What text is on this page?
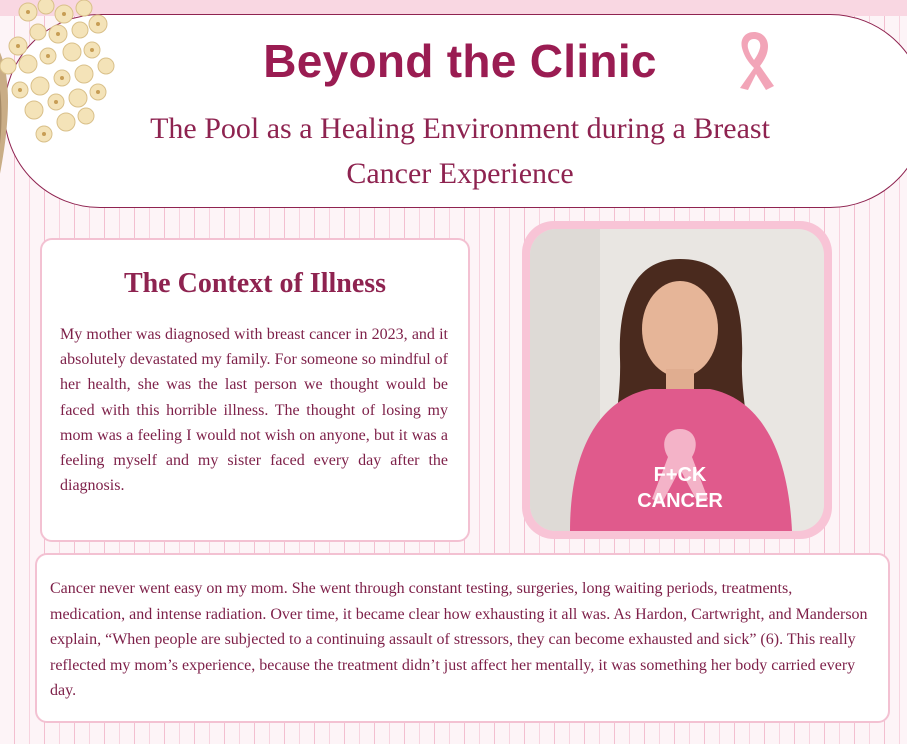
Beyond the Clinic

The Pool as a Healing Environment during a Breast Cancer Experience

The Context of Illness

My mother was diagnosed with breast cancer in 2023, and it absolutely devastated my family. For someone so mindful of her health, she was the last person we thought would be faced with this horrible illness. The thought of losing my mom was a feeling I would not wish on anyone, but it was a feeling myself and my sister faced every day after the diagnosis.	F+CK
CANCER

Cancer never went easy on my mom. She went through constant testing, surgeries, long waiting periods, treatments, medication, and intense radiation. Over time, it became clear how exhausting it all was. As Hardon, Cartwright, and Manderson explain, “When people are subjected to a continuing assault of stressors, they can become exhausted and sick” (6). This really reflected my mom’s experience, because the treatment didn’t just affect her mentally, it was something her body carried every day.
